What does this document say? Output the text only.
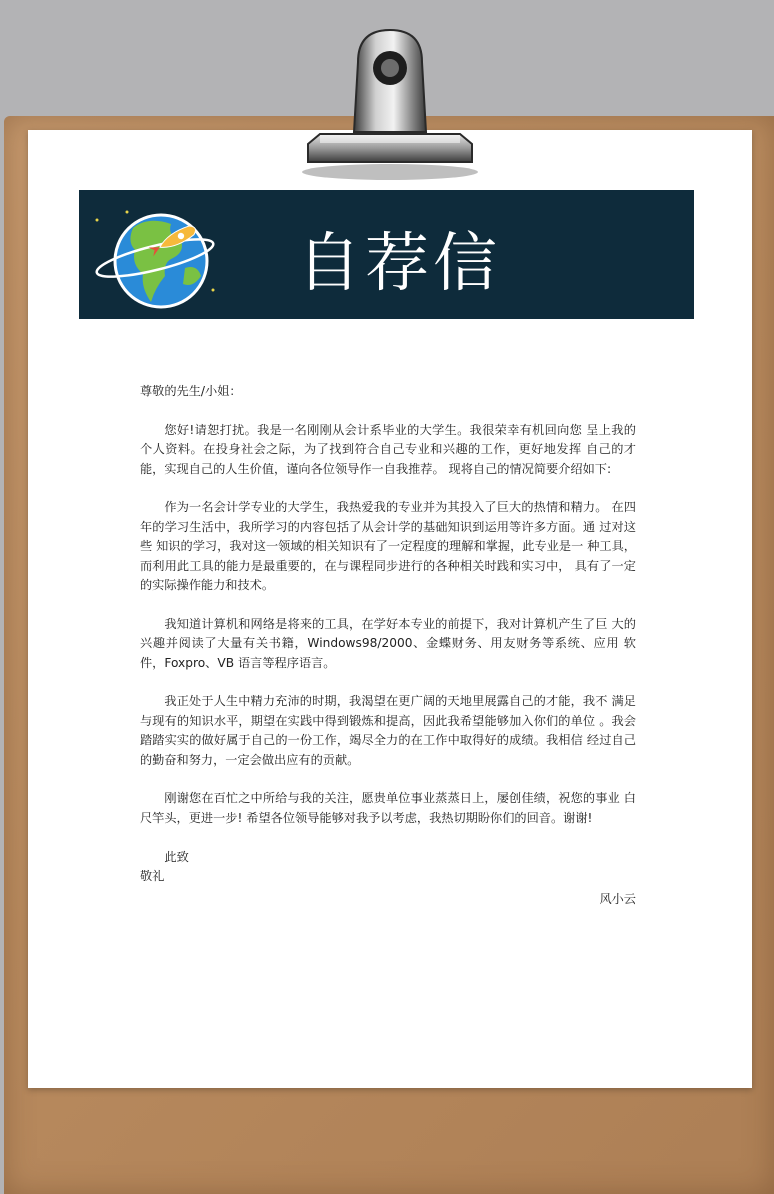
自荐信
尊敬的先生/小姐：

您好!请恕打扰。我是一名刚刚从会计系毕业的大学生。我很荣幸有机回向您 呈上我的个人资料。在投身社会之际，为了找到符合自己专业和兴趣的工作，更好地发挥 自己的才能，实现自己的人生价值，谨向各位领导作一自我推荐。 现将自己的情况简要介绍如下:

作为一名会计学专业的大学生，我热爱我的专业并为其投入了巨大的热情和精力。 在四年的学习生活中，我所学习的内容包括了从会计学的基础知识到运用等许多方面。通 过对这些 知识的学习，我对这一领域的相关知识有了一定程度的理解和掌握，此专业是一 种工具，而利用此工具的能力是最重要的，在与课程同步进行的各种相关时践和实习中， 具有了一定的实际操作能力和技术。

我知道计算机和网络是将来的工具，在学好本专业的前提下，我对计算机产生了巨 大的兴趣并阅读了大量有关书籍，Windows98/2000、金蝶财务、用友财务等系统、应用 软件，Foxpro、VB 语言等程序语言。

我正处于人生中精力充沛的时期，我渴望在更广阔的天地里展露自己的才能，我不 满足与现有的知识水平，期望在实践中得到锻炼和提高，因此我希望能够加入你们的单位 。我会踏踏实实的做好属于自己的一份工作，竭尽全力的在工作中取得好的成绩。我相信 经过自己的勤奋和努力，一定会做出应有的贡献。

刚谢您在百忙之中所给与我的关注，愿贵单位事业蒸蒸日上，屡创佳绩，祝您的事业 白尺竿头，更进一步! 希望各位领导能够对我予以考虑，我热切期盼你们的回音。谢谢!

此致
敬礼
风小云
